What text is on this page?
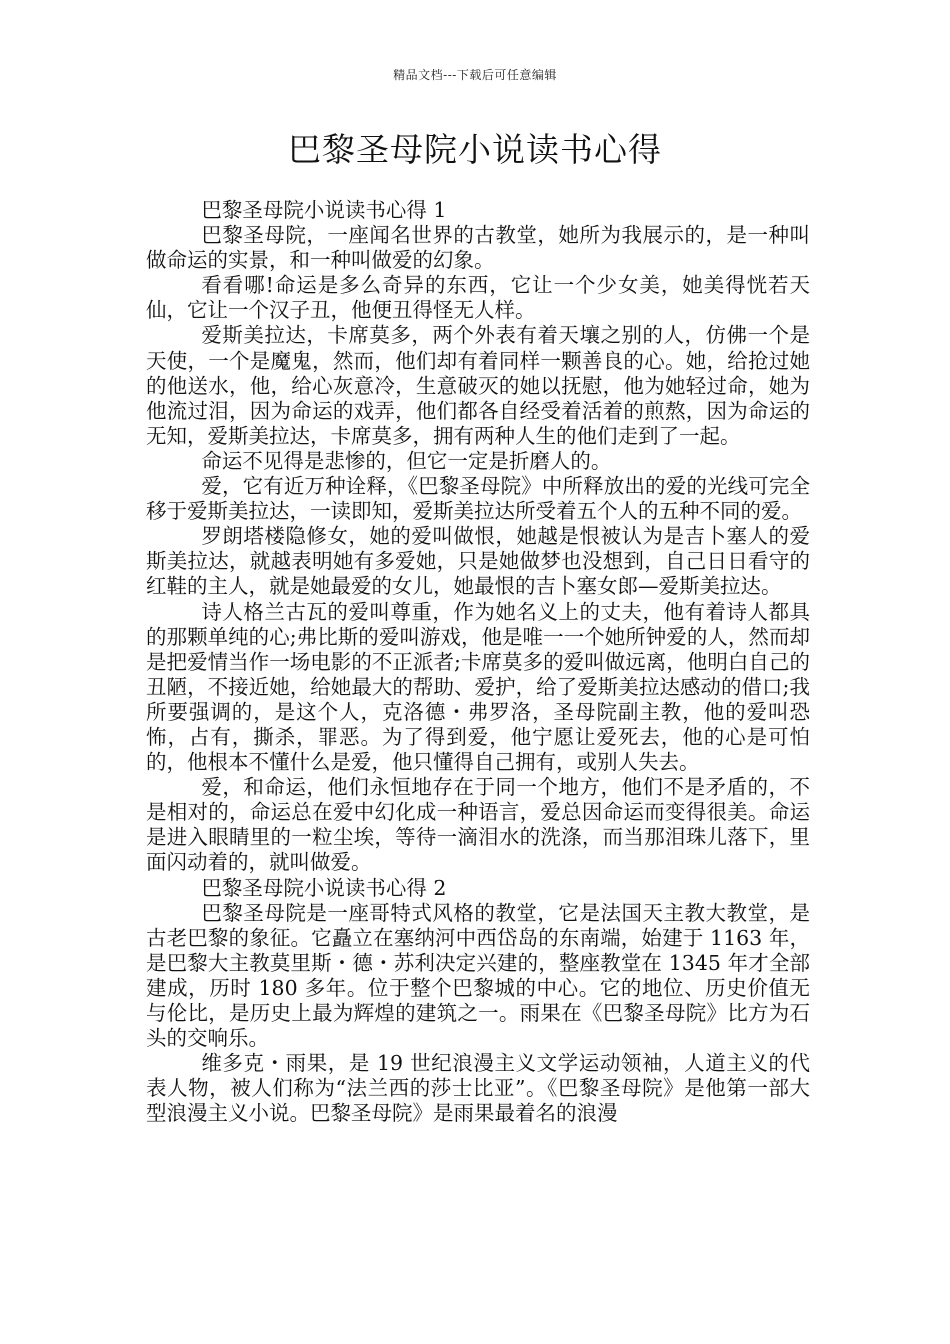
精品文档---下载后可任意编辑
巴黎圣母院小说读书心得

巴黎圣母院小说读书心得 1

巴黎圣母院，一座闻名世界的古教堂，她所为我展示的，是一种叫做命运的实景，和一种叫做爱的幻象。

看看哪!命运是多么奇异的东西，它让一个少女美，她美得恍若天仙，它让一个汉子丑，他便丑得怪无人样。

爱斯美拉达，卡席莫多，两个外表有着天壤之别的人，仿佛一个是天使，一个是魔鬼，然而，他们却有着同样一颗善良的心。她，给抢过她的他送水，他，给心灰意冷，生意破灭的她以抚慰，他为她轻过命，她为他流过泪，因为命运的戏弄，他们都各自经受着活着的煎熬，因为命运的无知，爱斯美拉达，卡席莫多，拥有两种人生的他们走到了一起。

命运不见得是悲惨的，但它一定是折磨人的。

爱，它有近万种诠释，《巴黎圣母院》中所释放出的爱的光线可完全移于爱斯美拉达，一读即知，爱斯美拉达所受着五个人的五种不同的爱。

罗朗塔楼隐修女，她的爱叫做恨，她越是恨被认为是吉卜塞人的爱斯美拉达，就越表明她有多爱她，只是她做梦也没想到，自己日日看守的红鞋的主人，就是她最爱的女儿，她最恨的吉卜塞女郎—爱斯美拉达。

诗人格兰古瓦的爱叫尊重，作为她名义上的丈夫，他有着诗人都具的那颗单纯的心;弗比斯的爱叫游戏，他是唯一一个她所钟爱的人，然而却是把爱情当作一场电影的不正派者;卡席莫多的爱叫做远离，他明白自己的丑陋，不接近她，给她最大的帮助、爱护，给了爱斯美拉达感动的借口;我所要强调的，是这个人，克洛德・弗罗洛，圣母院副主教，他的爱叫恐怖，占有，撕杀，罪恶。为了得到爱，他宁愿让爱死去，他的心是可怕的，他根本不懂什么是爱，他只懂得自己拥有，或别人失去。

爱，和命运，他们永恒地存在于同一个地方，他们不是矛盾的，不是相对的，命运总在爱中幻化成一种语言，爱总因命运而变得很美。命运是进入眼睛里的一粒尘埃，等待一滴泪水的洗涤，而当那泪珠儿落下，里面闪动着的，就叫做爱。

巴黎圣母院小说读书心得 2

巴黎圣母院是一座哥特式风格的教堂，它是法国天主教大教堂，是古老巴黎的象征。它矗立在塞纳河中西岱岛的东南端，始建于 1163 年，是巴黎大主教莫里斯・德・苏利决定兴建的，整座教堂在 1345 年才全部建成，历时 180 多年。位于整个巴黎城的中心。它的地位、历史价值无与伦比，是历史上最为辉煌的建筑之一。雨果在《巴黎圣母院》比方为石头的交响乐。

维多克・雨果，是 19 世纪浪漫主义文学运动领袖，人道主义的代表人物，被人们称为“法兰西的莎士比亚”。《巴黎圣母院》是他第一部大型浪漫主义小说。巴黎圣母院》是雨果最着名的浪漫
